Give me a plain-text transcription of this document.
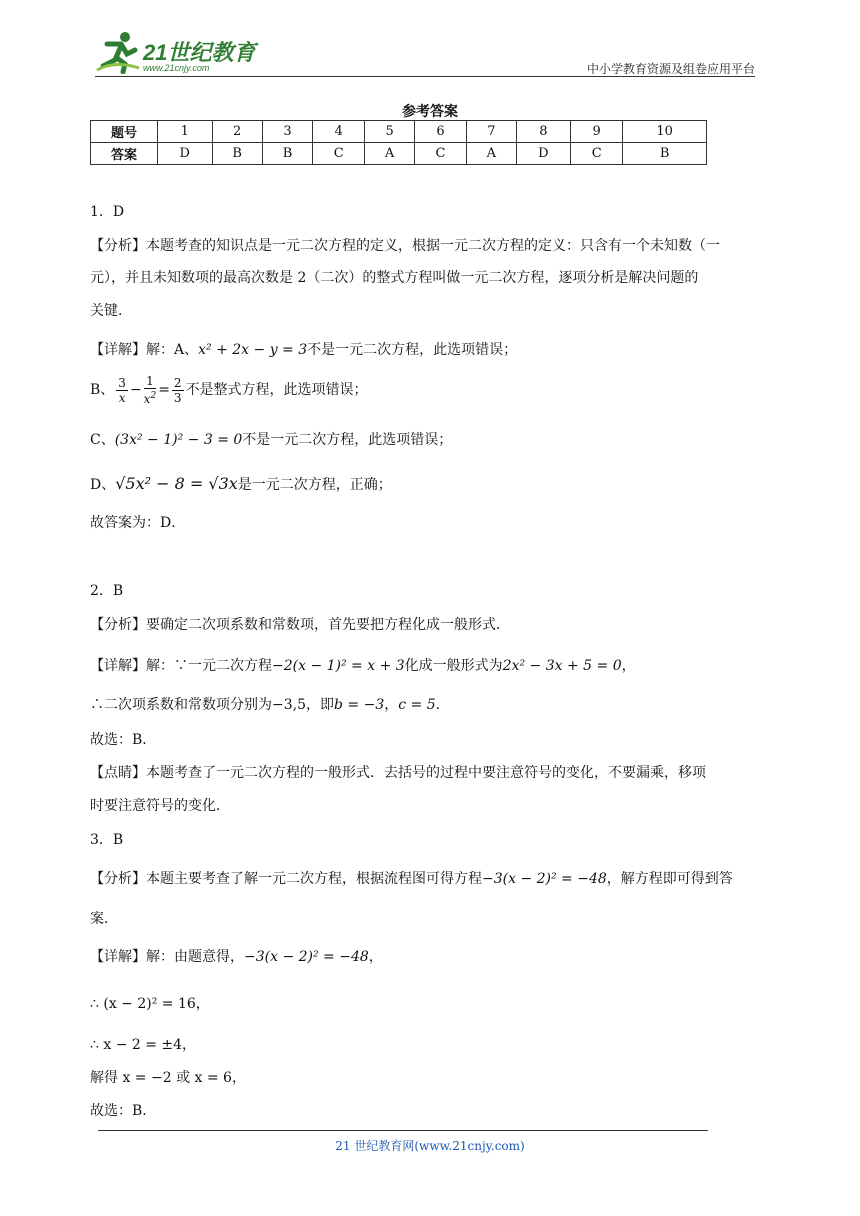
21世纪教育
www.21cnjy.com	中小学教育资源及组卷应用平台
参考答案
题号	1	2	3	4	5	6	7	8	9	10
答案	D	B	B	C	A	C	A	D	C	B
1．D
【分析】本题考查的知识点是一元二次方程的定义，根据一元二次方程的定义：只含有一个未知数（一
元），并且未知数项的最高次数是 2（二次）的整式方程叫做一元二次方程，逐项分析是解决问题的
关键．
【详解】解：A、x² + 2x − y = 3不是一元二次方程，此选项错误；
B、 $\frac{3}{x} - \frac{1}{x^2} = \frac{2}{3}$ 不是整式方程，此选项错误；
C、(3x² − 1)² − 3 = 0不是一元二次方程，此选项错误；
D、√5x² − 8 = √3x是一元二次方程，正确；
故答案为：D．
2．B
【分析】要确定二次项系数和常数项，首先要把方程化成一般形式．
【详解】解：∵一元二次方程−2(x − 1)² = x + 3化成一般形式为2x² − 3x + 5 = 0，
∴二次项系数和常数项分别为−3,5，即b = −3，c = 5．
故选：B．
【点睛】本题考查了一元二次方程的一般形式．去括号的过程中要注意符号的变化，不要漏乘，移项
时要注意符号的变化．
3．B
【分析】本题主要考查了解一元二次方程，根据流程图可得方程−3(x − 2)² = −48，解方程即可得到答
案．
【详解】解：由题意得，−3(x − 2)² = −48，
∴ (x − 2)² = 16，
∴ x − 2 = ±4，
解得 x = −2 或 x = 6，
故选：B．
21 世纪教育网(www.21cnjy.com)
